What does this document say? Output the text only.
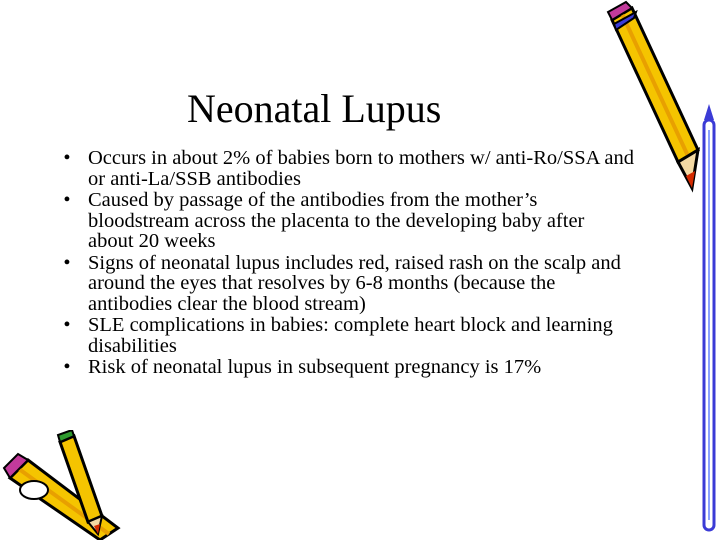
Neonatal Lupus
• Occurs in about 2% of babies born to mothers w/ anti-Ro/SSA and or anti-La/SSB antibodies
• Caused by passage of the antibodies from the mother’s bloodstream across the placenta to the developing baby after about 20 weeks
• Signs of neonatal lupus includes red, raised rash on the scalp and around the eyes that resolves by 6-8 months (because the antibodies clear the blood stream)
• SLE complications in babies: complete heart block and learning disabilities
• Risk of neonatal lupus in subsequent pregnancy is 17%
